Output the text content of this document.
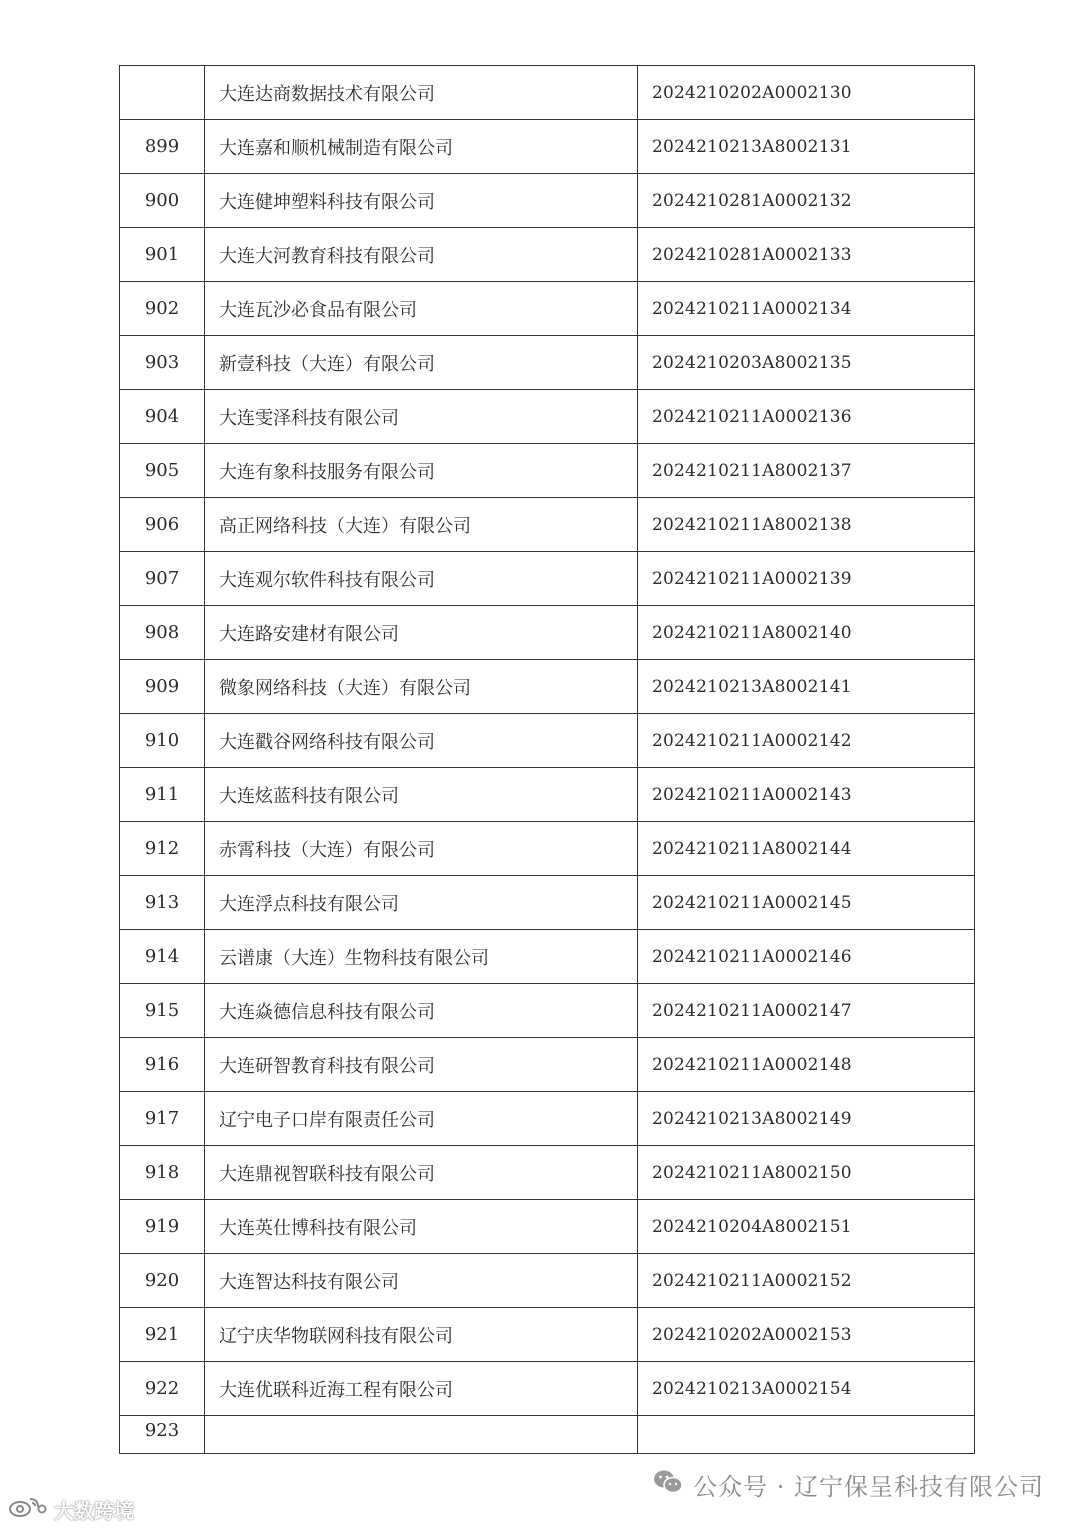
	大连达商数据技术有限公司	2024210202A0002130
899	大连嘉和顺机械制造有限公司	2024210213A8002131
900	大连健坤塑料科技有限公司	2024210281A0002132
901	大连大河教育科技有限公司	2024210281A0002133
902	大连瓦沙必食品有限公司	2024210211A0002134
903	新壹科技（大连）有限公司	2024210203A8002135
904	大连雯泽科技有限公司	2024210211A0002136
905	大连有象科技服务有限公司	2024210211A8002137
906	高正网络科技（大连）有限公司	2024210211A8002138
907	大连观尔软件科技有限公司	2024210211A0002139
908	大连路安建材有限公司	2024210211A8002140
909	微象网络科技（大连）有限公司	2024210213A8002141
910	大连戳谷网络科技有限公司	2024210211A0002142
911	大连炫蓝科技有限公司	2024210211A0002143
912	赤霄科技（大连）有限公司	2024210211A8002144
913	大连浮点科技有限公司	2024210211A0002145
914	云谱康（大连）生物科技有限公司	2024210211A0002146
915	大连焱德信息科技有限公司	2024210211A0002147
916	大连研智教育科技有限公司	2024210211A0002148
917	辽宁电子口岸有限责任公司	2024210213A8002149
918	大连鼎视智联科技有限公司	2024210211A8002150
919	大连英仕博科技有限公司	2024210204A8002151
920	大连智达科技有限公司	2024210211A0002152
921	辽宁庆华物联网科技有限公司	2024210202A0002153
922	大连优联科近海工程有限公司	2024210213A0002154
923		
公众号 · 辽宁保呈科技有限公司
大数跨境
